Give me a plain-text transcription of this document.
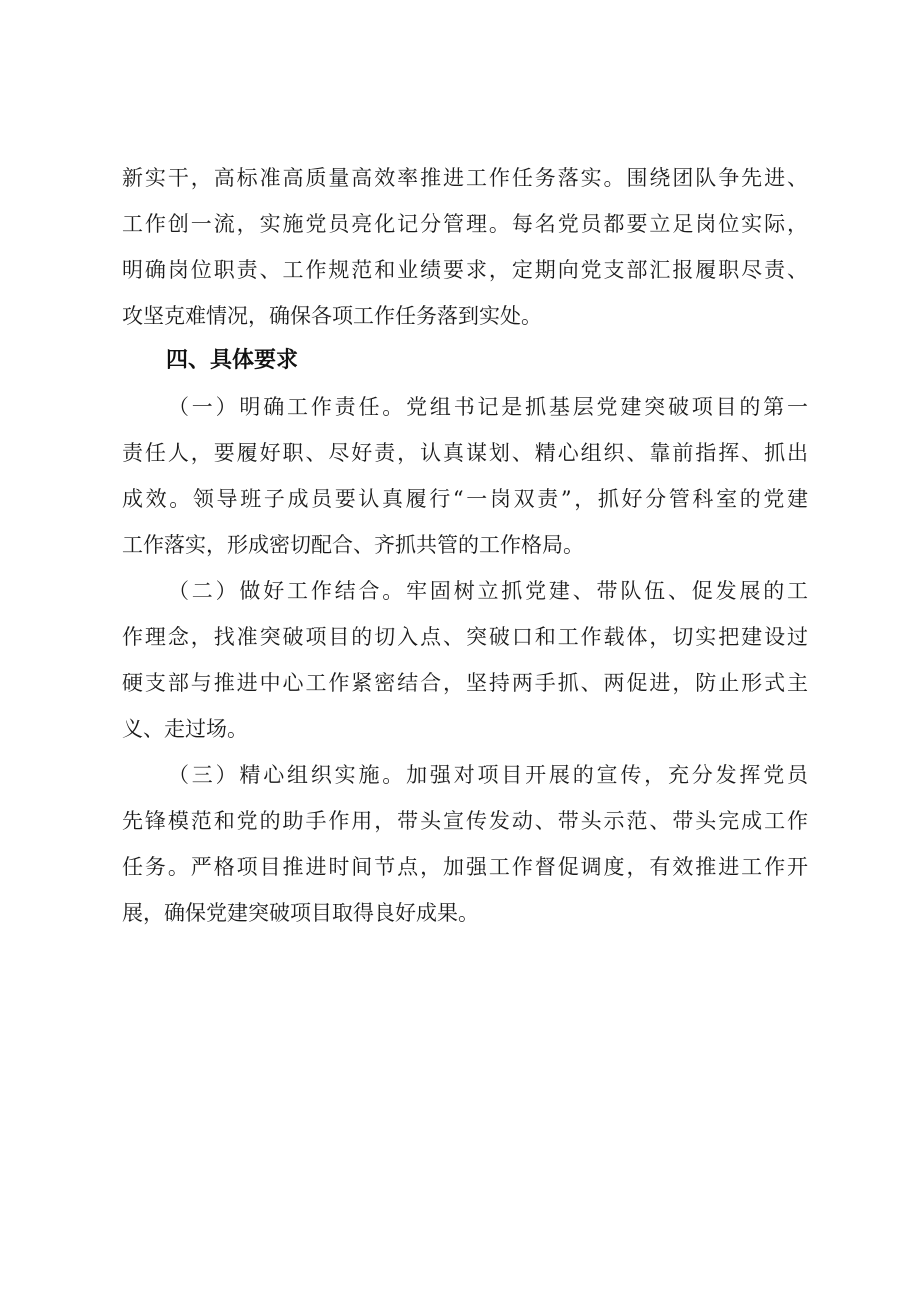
新实干，高标准高质量高效率推进工作任务落实。围绕团队争先进、
工作创一流，实施党员亮化记分管理。每名党员都要立足岗位实际，
明确岗位职责、工作规范和业绩要求，定期向党支部汇报履职尽责、
攻坚克难情况，确保各项工作任务落到实处。
四、具体要求
（一）明确工作责任。党组书记是抓基层党建突破项目的第一
责任人，要履好职、尽好责，认真谋划、精心组织、靠前指挥、抓出
成效。领导班子成员要认真履行“一岗双责”，抓好分管科室的党建
工作落实，形成密切配合、齐抓共管的工作格局。
（二）做好工作结合。牢固树立抓党建、带队伍、促发展的工
作理念，找准突破项目的切入点、突破口和工作载体，切实把建设过
硬支部与推进中心工作紧密结合，坚持两手抓、两促进，防止形式主
义、走过场。
（三）精心组织实施。加强对项目开展的宣传，充分发挥党员
先锋模范和党的助手作用，带头宣传发动、带头示范、带头完成工作
任务。严格项目推进时间节点，加强工作督促调度，有效推进工作开
展，确保党建突破项目取得良好成果。
